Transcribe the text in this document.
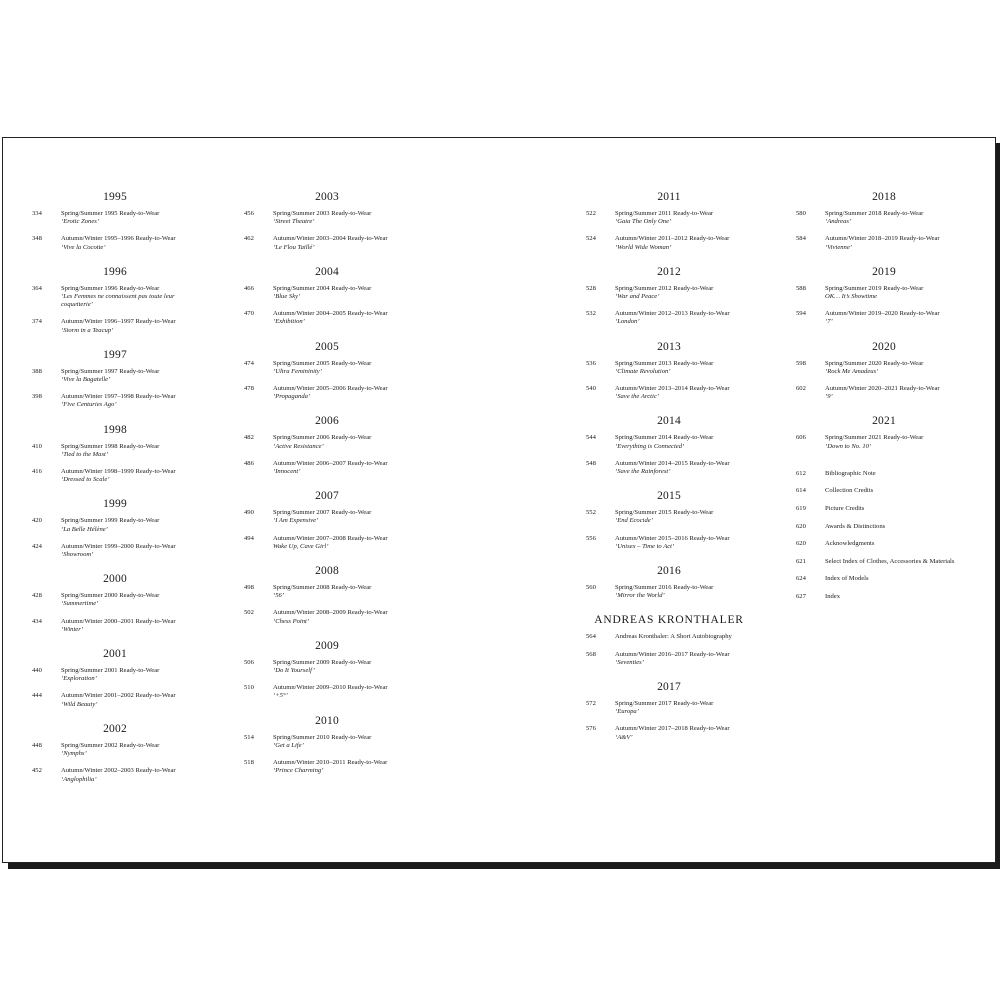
1995
334	Spring/Summer 1995 Ready-to-Wear
‘Erotic Zones’
348	Autumn/Winter 1995–1996 Ready-to-Wear
‘Vive la Cocotte’
1996
364	Spring/Summer 1996 Ready-to-Wear
‘Les Femmes ne connaissent pas toute leur coquetterie’
374	Autumn/Winter 1996–1997 Ready-to-Wear
‘Storm in a Teacup’
1997
388	Spring/Summer 1997 Ready-to-Wear
‘Vive la Bagatelle’
398	Autumn/Winter 1997–1998 Ready-to-Wear
‘Five Centuries Ago’
1998
410	Spring/Summer 1998 Ready-to-Wear
‘Tied to the Mast’
416	Autumn/Winter 1998–1999 Ready-to-Wear
‘Dressed to Scale’
1999
420	Spring/Summer 1999 Ready-to-Wear
‘La Belle Hélène’
424	Autumn/Winter 1999–2000 Ready-to-Wear
‘Showroom’
2000
428	Spring/Summer 2000 Ready-to-Wear
‘Summertime’
434	Autumn/Winter 2000–2001 Ready-to-Wear
‘Winter’
2001
440	Spring/Summer 2001 Ready-to-Wear
‘Exploration’
444	Autumn/Winter 2001–2002 Ready-to-Wear
‘Wild Beauty’
2002
448	Spring/Summer 2002 Ready-to-Wear
‘Nymphs’
452	Autumn/Winter 2002–2003 Ready-to-Wear
‘Anglophilia’
2003
456	Spring/Summer 2003 Ready-to-Wear
‘Street Theatre’
462	Autumn/Winter 2003–2004 Ready-to-Wear
‘Le Flou Taillé’
2004
466	Spring/Summer 2004 Ready-to-Wear
‘Blue Sky’
470	Autumn/Winter 2004–2005 Ready-to-Wear
‘Exhibition’
2005
474	Spring/Summer 2005 Ready-to-Wear
‘Ultra Femininity’
478	Autumn/Winter 2005–2006 Ready-to-Wear
‘Propaganda’
2006
482	Spring/Summer 2006 Ready-to-Wear
‘Active Resistance’
486	Autumn/Winter 2006–2007 Ready-to-Wear
‘Innocent’
2007
490	Spring/Summer 2007 Ready-to-Wear
‘I Am Expensive’
494	Autumn/Winter 2007–2008 Ready-to-Wear
Wake Up, Cave Girl’
2008
498	Spring/Summer 2008 Ready-to-Wear
‘56’
502	Autumn/Winter 2008–2009 Ready-to-Wear
‘Chess Point’
2009
506	Spring/Summer 2009 Ready-to-Wear
‘Do It Yourself’
510	Autumn/Winter 2009–2010 Ready-to-Wear
‘+5°’
2010
514	Spring/Summer 2010 Ready-to-Wear
‘Get a Life’
518	Autumn/Winter 2010–2011 Ready-to-Wear
‘Prince Charming’
2011
522	Spring/Summer 2011 Ready-to-Wear
‘Gaia The Only One’
524	Autumn/Winter 2011–2012 Ready-to-Wear
‘World Wide Woman’
2012
528	Spring/Summer 2012 Ready-to-Wear
‘War and Peace’
532	Autumn/Winter 2012–2013 Ready-to-Wear
‘London’
2013
536	Spring/Summer 2013 Ready-to-Wear
‘Climate Revolution’
540	Autumn/Winter 2013–2014 Ready-to-Wear
‘Save the Arctic’
2014
544	Spring/Summer 2014 Ready-to-Wear
‘Everything is Connected’
548	Autumn/Winter 2014–2015 Ready-to-Wear
‘Save the Rainforest’
2015
552	Spring/Summer 2015 Ready-to-Wear
‘End Ecocide’
556	Autumn/Winter 2015–2016 Ready-to-Wear
‘Unisex – Time to Act’
2016
560	Spring/Summer 2016 Ready-to-Wear
‘Mirror the World’
ANDREAS KRONTHALER
564	Andreas Kronthaler: A Short Autobiography
568	Autumn/Winter 2016–2017 Ready-to-Wear
‘Seventies’
2017
572	Spring/Summer 2017 Ready-to-Wear
‘Europa’
576	Autumn/Winter 2017–2018 Ready-to-Wear
‘A&V’
2018
580	Spring/Summer 2018 Ready-to-Wear
‘Andreas’
584	Autumn/Winter 2018–2019 Ready-to-Wear
‘Vivienne’
2019
588	Spring/Summer 2019 Ready-to-Wear
OK… It’s Showtime
594	Autumn/Winter 2019–2020 Ready-to-Wear
‘7’
2020
598	Spring/Summer 2020 Ready-to-Wear
‘Rock Me Amadeus’
602	Autumn/Winter 2020–2021 Ready-to-Wear
‘9’
2021
606	Spring/Summer 2021 Ready-to-Wear
‘Down to No. 10’
612	Bibliographic Note
614	Collection Credits
619	Picture Credits
620	Awards & Distinctions
620	Acknowledgments
621	Select Index of Clothes, Accessories & Materials
624	Index of Models
627	Index
